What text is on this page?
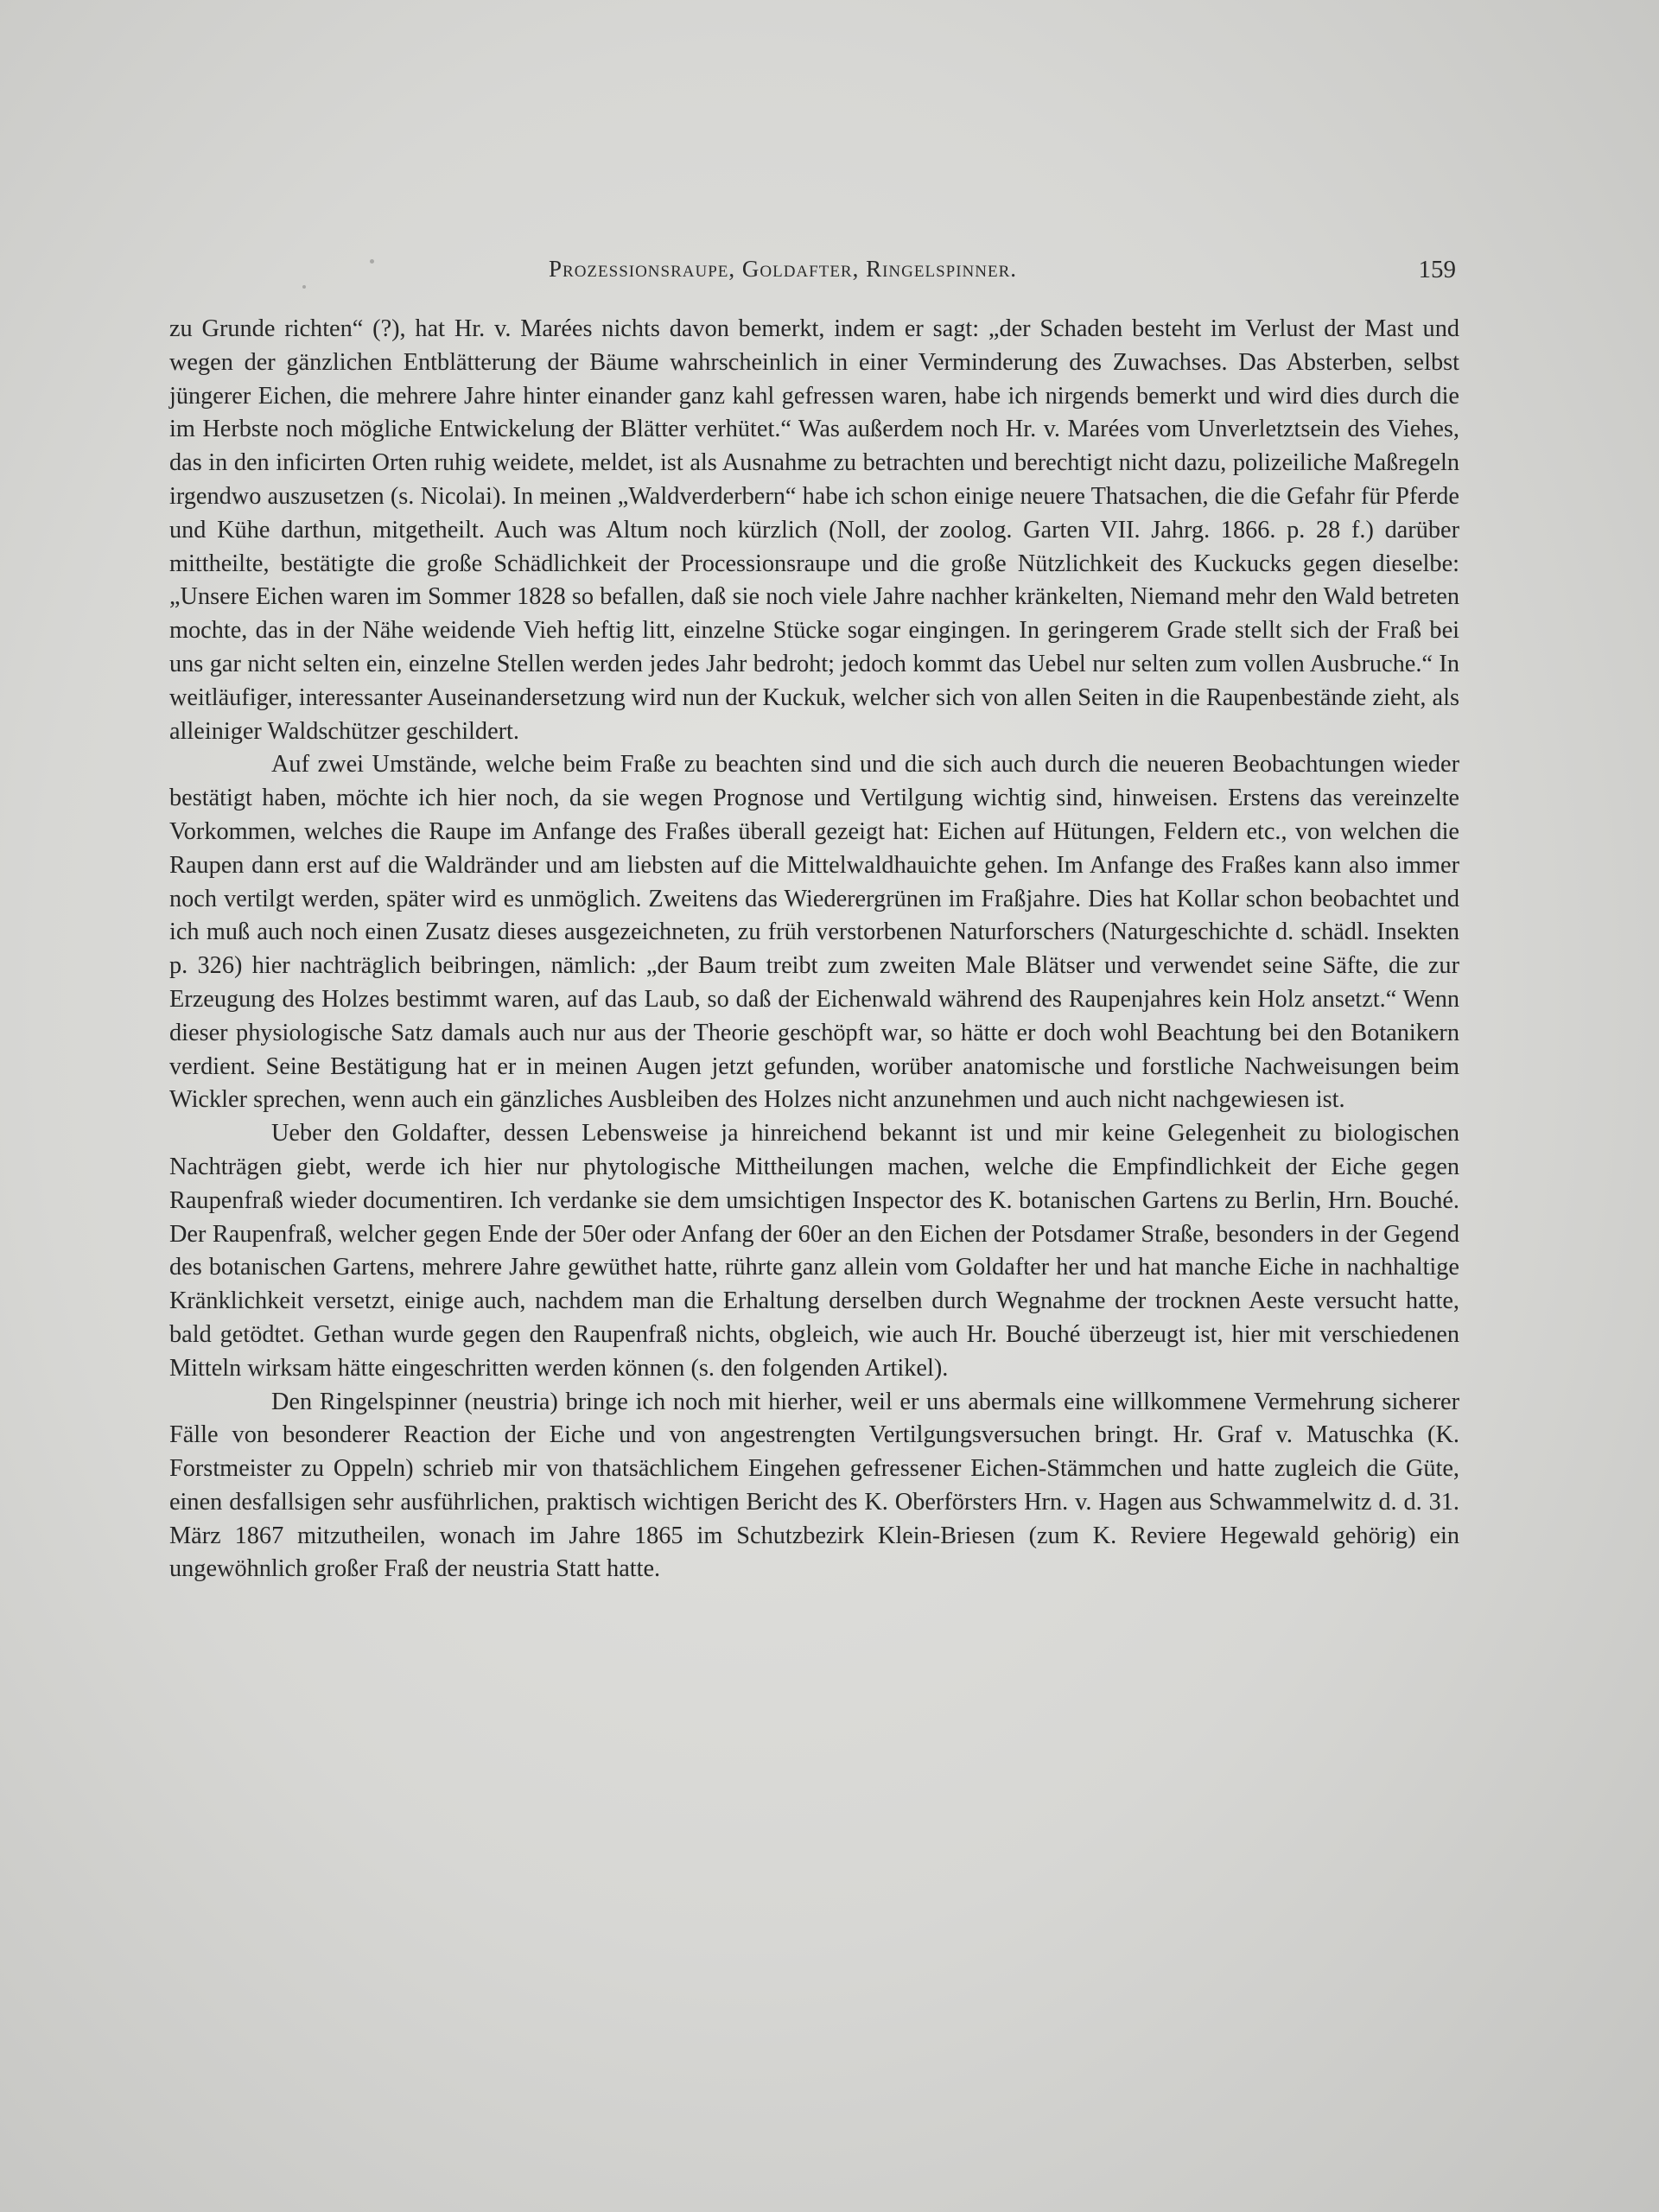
Prozessionsraupe, Goldafter, Ringelspinner.	159

zu Grunde richten“ (?), hat Hr. v. Marées nichts davon bemerkt, indem er sagt: „der Schaden besteht im Verlust der Mast und wegen der gänzlichen Entblätterung der Bäume wahrscheinlich in einer Verminderung des Zuwachses. Das Absterben, selbst jüngerer Eichen, die mehrere Jahre hinter einander ganz kahl gefressen waren, habe ich nirgends bemerkt und wird dies durch die im Herbste noch mögliche Entwickelung der Blätter verhütet.“ Was außerdem noch Hr. v. Marées vom Unverletztsein des Viehes, das in den inficirten Orten ruhig weidete, meldet, ist als Ausnahme zu betrachten und berechtigt nicht dazu, polizeiliche Maßregeln irgendwo auszusetzen (s. Nicolai). In meinen „Waldverderbern“ habe ich schon einige neuere Thatsachen, die die Gefahr für Pferde und Kühe darthun, mitgetheilt. Auch was Altum noch kürzlich (Noll, der zoolog. Garten VII. Jahrg. 1866. p. 28 f.) darüber mittheilte, bestätigte die große Schädlichkeit der Processionsraupe und die große Nützlichkeit des Kuckucks gegen dieselbe: „Unsere Eichen waren im Sommer 1828 so befallen, daß sie noch viele Jahre nachher kränkelten, Niemand mehr den Wald betreten mochte, das in der Nähe weidende Vieh heftig litt, einzelne Stücke sogar eingingen. In geringerem Grade stellt sich der Fraß bei uns gar nicht selten ein, einzelne Stellen werden jedes Jahr bedroht; jedoch kommt das Uebel nur selten zum vollen Ausbruche.“ In weitläufiger, interessanter Auseinandersetzung wird nun der Kuckuk, welcher sich von allen Seiten in die Raupenbestände zieht, als alleiniger Waldschützer geschildert.

Auf zwei Umstände, welche beim Fraße zu beachten sind und die sich auch durch die neueren Beobachtungen wieder bestätigt haben, möchte ich hier noch, da sie wegen Prognose und Vertilgung wichtig sind, hinweisen. Erstens das vereinzelte Vorkommen, welches die Raupe im Anfange des Fraßes überall gezeigt hat: Eichen auf Hütungen, Feldern etc., von welchen die Raupen dann erst auf die Waldränder und am liebsten auf die Mittelwaldhauichte gehen. Im Anfange des Fraßes kann also immer noch vertilgt werden, später wird es unmöglich. Zweitens das Wiederergrünen im Fraßjahre. Dies hat Kollar schon beobachtet und ich muß auch noch einen Zusatz dieses ausgezeichneten, zu früh verstorbenen Naturforschers (Naturgeschichte d. schädl. Insekten p. 326) hier nachträglich beibringen, nämlich: „der Baum treibt zum zweiten Male Blätser und verwendet seine Säfte, die zur Erzeugung des Holzes bestimmt waren, auf das Laub, so daß der Eichenwald während des Raupenjahres kein Holz ansetzt.“ Wenn dieser physiologische Satz damals auch nur aus der Theorie geschöpft war, so hätte er doch wohl Beachtung bei den Botanikern verdient. Seine Bestätigung hat er in meinen Augen jetzt gefunden, worüber anatomische und forstliche Nachweisungen beim Wickler sprechen, wenn auch ein gänzliches Ausbleiben des Holzes nicht anzunehmen und auch nicht nachgewiesen ist.

Ueber den Goldafter, dessen Lebensweise ja hinreichend bekannt ist und mir keine Gelegenheit zu biologischen Nachträgen giebt, werde ich hier nur phytologische Mittheilungen machen, welche die Empfindlichkeit der Eiche gegen Raupenfraß wieder documentiren. Ich verdanke sie dem umsichtigen Inspector des K. botanischen Gartens zu Berlin, Hrn. Bouché. Der Raupenfraß, welcher gegen Ende der 50er oder Anfang der 60er an den Eichen der Potsdamer Straße, besonders in der Gegend des botanischen Gartens, mehrere Jahre gewüthet hatte, rührte ganz allein vom Goldafter her und hat manche Eiche in nachhaltige Kränklichkeit versetzt, einige auch, nachdem man die Erhaltung derselben durch Wegnahme der trocknen Aeste versucht hatte, bald getödtet. Gethan wurde gegen den Raupenfraß nichts, obgleich, wie auch Hr. Bouché überzeugt ist, hier mit verschiedenen Mitteln wirksam hätte eingeschritten werden können (s. den folgenden Artikel).

Den Ringelspinner (neustria) bringe ich noch mit hierher, weil er uns abermals eine willkommene Vermehrung sicherer Fälle von besonderer Reaction der Eiche und von angestrengten Vertilgungsversuchen bringt. Hr. Graf v. Matuschka (K. Forstmeister zu Oppeln) schrieb mir von thatsächlichem Eingehen gefressener Eichen-Stämmchen und hatte zugleich die Güte, einen desfallsigen sehr ausführlichen, praktisch wichtigen Bericht des K. Oberförsters Hrn. v. Hagen aus Schwammelwitz d. d. 31. März 1867 mitzutheilen, wonach im Jahre 1865 im Schutzbezirk Klein-Briesen (zum K. Reviere Hegewald gehörig) ein ungewöhnlich großer Fraß der neustria Statt hatte.
